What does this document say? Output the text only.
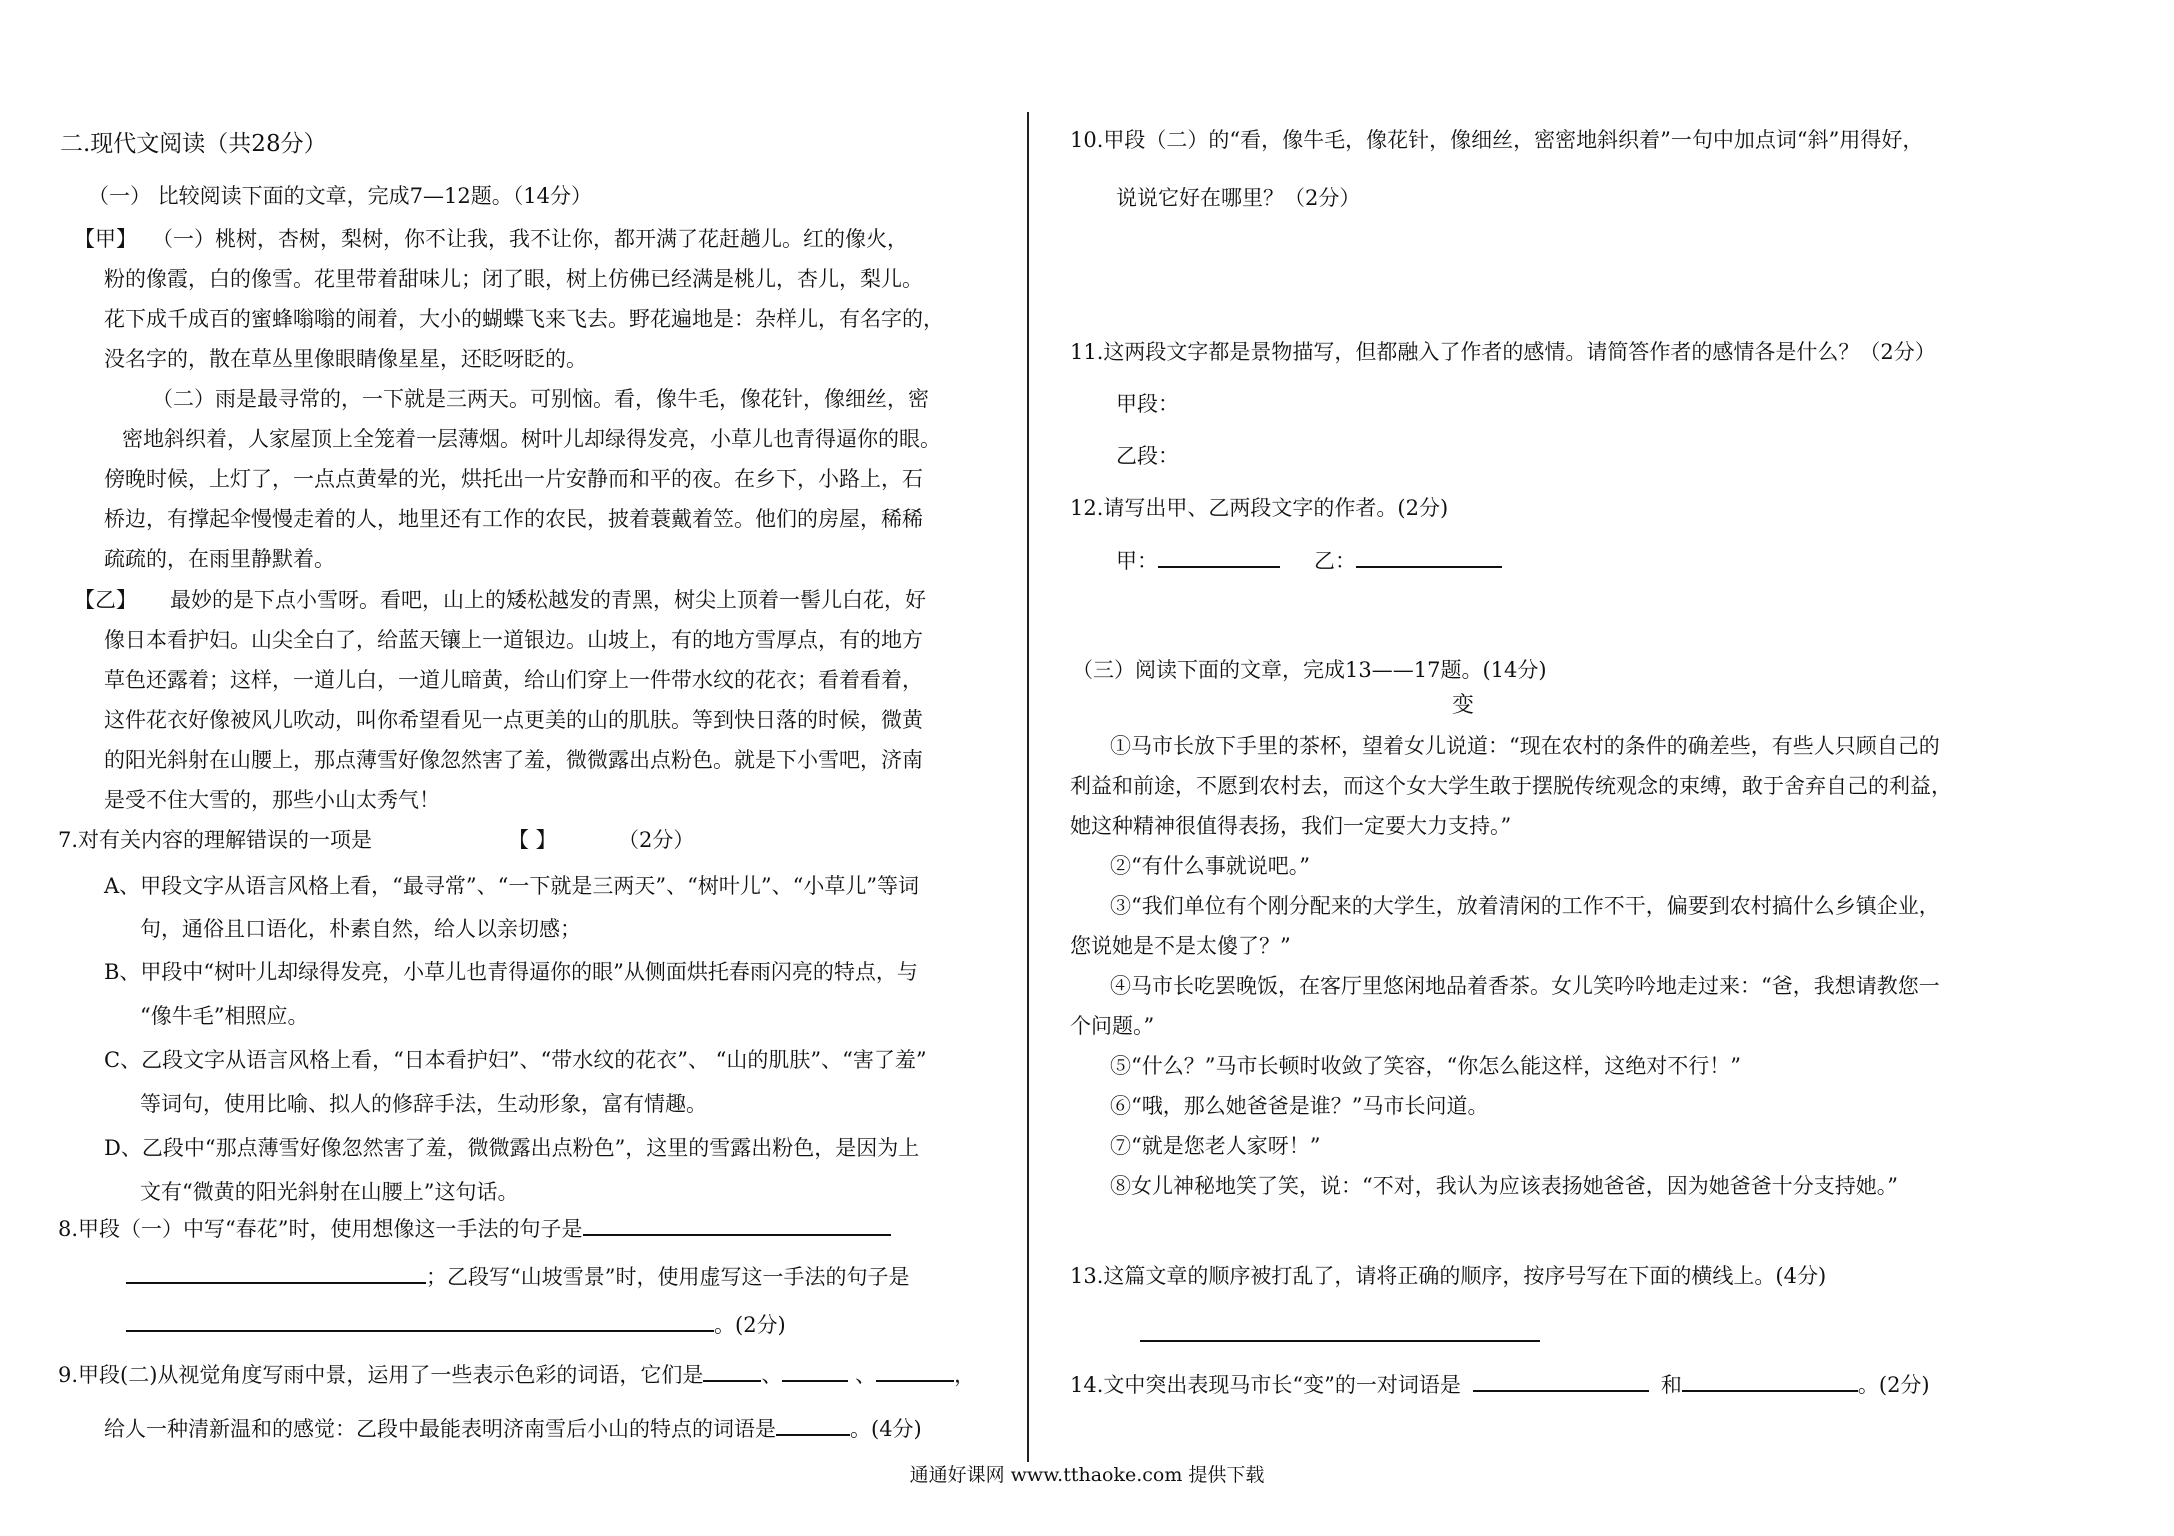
二.现代文阅读（共28分）
（一） 比较阅读下面的文章，完成7—12题。（14分）
【甲】 （一）桃树，杏树，梨树，你不让我，我不让你，都开满了花赶趟儿。红的像火，
粉的像霞，白的像雪。花里带着甜味儿；闭了眼，树上仿佛已经满是桃儿，杏儿，梨儿。
花下成千成百的蜜蜂嗡嗡的闹着，大小的蝴蝶飞来飞去。野花遍地是：杂样儿，有名字的，
没名字的，散在草丛里像眼睛像星星，还眨呀眨的。
（二）雨是最寻常的，一下就是三两天。可别恼。看，像牛毛，像花针，像细丝，密
密地斜织着，人家屋顶上全笼着一层薄烟。树叶儿却绿得发亮，小草儿也青得逼你的眼。
傍晚时候，上灯了，一点点黄晕的光，烘托出一片安静而和平的夜。在乡下，小路上，石
桥边，有撑起伞慢慢走着的人，地里还有工作的农民，披着蓑戴着笠。他们的房屋，稀稀
疏疏的，在雨里静默着。
【乙】 最妙的是下点小雪呀。看吧，山上的矮松越发的青黑，树尖上顶着一髻儿白花，好
像日本看护妇。山尖全白了，给蓝天镶上一道银边。山坡上，有的地方雪厚点，有的地方
草色还露着；这样，一道儿白，一道儿暗黄，给山们穿上一件带水纹的花衣；看着看着，
这件花衣好像被风儿吹动，叫你希望看见一点更美的山的肌肤。等到快日落的时候，微黄
的阳光斜射在山腰上，那点薄雪好像忽然害了羞，微微露出点粉色。就是下小雪吧，济南
是受不住大雪的，那些小山太秀气！
7.对有关内容的理解错误的一项是	【 】	（2分）
A、甲段文字从语言风格上看，“最寻常”、“一下就是三两天”、“树叶儿”、“小草儿”等词
句，通俗且口语化，朴素自然，给人以亲切感；
B、甲段中“树叶儿却绿得发亮，小草儿也青得逼你的眼”从侧面烘托春雨闪亮的特点，与
“像牛毛”相照应。
C、乙段文字从语言风格上看，“日本看护妇”、“带水纹的花衣”、 “山的肌肤”、“害了羞”
等词句，使用比喻、拟人的修辞手法，生动形象，富有情趣。
D、乙段中“那点薄雪好像忽然害了羞，微微露出点粉色”，这里的雪露出粉色，是因为上
文有“微黄的阳光斜射在山腰上”这句话。
8.甲段（一）中写“春花”时，使用想像这一手法的句子是
；乙段写“山坡雪景”时，使用虚写这一手法的句子是
。(2分)
9.甲段(二)从视觉角度写雨中景，运用了一些表示色彩的词语，它们是	、	、	，
给人一种清新温和的感觉：乙段中最能表明济南雪后小山的特点的词语是	。(4分)
10.甲段（二）的“看，像牛毛，像花针，像细丝，密密地斜织着”一句中加点词“斜”用得好，
说说它好在哪里？（2分）
11.这两段文字都是景物描写，但都融入了作者的感情。请简答作者的感情各是什么？（2分）
甲段：
乙段：
12.请写出甲、乙两段文字的作者。(2分)
甲：	乙：
（三）阅读下面的文章，完成13——17题。(14分)
变
①马市长放下手里的茶杯，望着女儿说道：“现在农村的条件的确差些，有些人只顾自己的
利益和前途，不愿到农村去，而这个女大学生敢于摆脱传统观念的束缚，敢于舍弃自己的利益，
她这种精神很值得表扬，我们一定要大力支持。”
②“有什么事就说吧。”
③“我们单位有个刚分配来的大学生，放着清闲的工作不干，偏要到农村搞什么乡镇企业，
您说她是不是太傻了？”
④马市长吃罢晚饭，在客厅里悠闲地品着香茶。女儿笑吟吟地走过来：“爸，我想请教您一
个问题。”
⑤“什么？”马市长顿时收敛了笑容，“你怎么能这样，这绝对不行！”
⑥“哦，那么她爸爸是谁？”马市长问道。
⑦“就是您老人家呀！”
⑧女儿神秘地笑了笑，说：“不对，我认为应该表扬她爸爸，因为她爸爸十分支持她。”
13.这篇文章的顺序被打乱了，请将正确的顺序，按序号写在下面的横线上。(4分)
14.文中突出表现马市长“变”的一对词语是	和	。(2分)
通通好课网 www.tthaoke.com 提供下载
